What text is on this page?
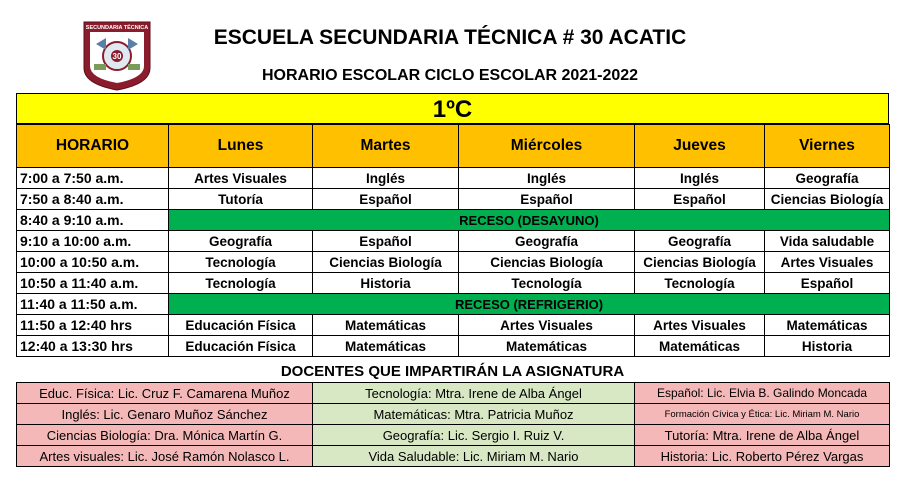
SECUNDARIA TÉCNICA
30
ESCUELA SECUNDARIA TÉCNICA # 30 ACATIC
HORARIO ESCOLAR CICLO ESCOLAR 2021-2022
1ºC
HORARIO	Lunes	Martes	Miércoles	Jueves	Viernes
7:00 a 7:50 a.m.	Artes Visuales	Inglés	Inglés	Inglés	Geografía
7:50 a 8:40 a.m.	Tutoría	Español	Español	Español	Ciencias Biología
8:40 a 9:10 a.m.	RECESO (DESAYUNO)				
9:10 a 10:00 a.m.	Geografía	Español	Geografía	Geografía	Vida saludable
10:00 a 10:50 a.m.	Tecnología	Ciencias Biología	Ciencias Biología	Ciencias Biología	Artes Visuales
10:50 a 11:40 a.m.	Tecnología	Historia	Tecnología	Tecnología	Español
11:40 a 11:50 a.m.	RECESO (REFRIGERIO)				
11:50 a 12:40 hrs	Educación Física	Matemáticas	Artes Visuales	Artes Visuales	Matemáticas
12:40 a 13:30 hrs	Educación Física	Matemáticas	Matemáticas	Matemáticas	Historia
DOCENTES QUE IMPARTIRÁN LA ASIGNATURA
Educ. Física: Lic. Cruz F. Camarena Muñoz	Tecnología: Mtra. Irene de Alba Ángel	Español: Lic. Elvia B. Galindo Moncada
Inglés: Lic. Genaro Muñoz Sánchez	Matemáticas: Mtra. Patricia Muñoz	Formación Cívica y Ética: Lic. Miriam M. Nario
Ciencias Biología: Dra. Mónica Martín G.	Geografía: Lic. Sergio I. Ruiz V.	Tutoría: Mtra. Irene de Alba Ángel
Artes visuales: Lic. José Ramón Nolasco L.	Vida Saludable: Lic. Miriam M. Nario	Historia: Lic. Roberto Pérez Vargas
